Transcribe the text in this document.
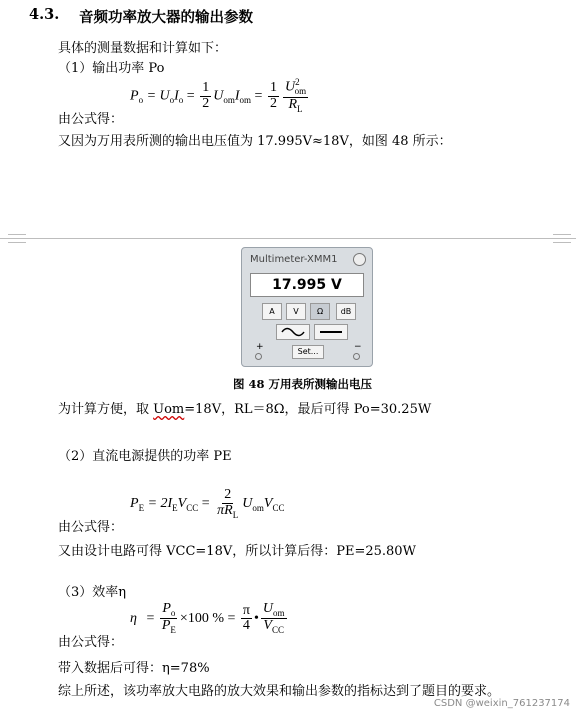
4.3. 音频功率放大器的输出参数
具体的测量数据和计算如下：
（1）输出功率 Po
$P_o = U_oI_o = \frac{1}{2} U_{om}I_{om} = \frac{1}{2} \frac{U^2_{om}}{R_L}$
由公式得：
又因为万用表所测的输出电压值为 17.995V≈18V，如图 48 所示：
Multimeter-XMM1
17.995 V
A	V	Ω	dB
+	−
Set...
图 48 万用表所测输出电压
为计算方便，取 Uom=18V，RL＝8Ω，最后可得 Po=30.25W
（2）直流电源提供的功率 PE
$P_E = 2I_EV_{CC} = \frac{2}{\pi R_L} U_{om}V_{CC}$
由公式得：
又由设计电路可得 VCC=18V，所以计算后得：PE=25.80W
（3）效率η
$\eta = \frac{P_o}{P_E} \times 100$ % = $\frac{\pi}{4}$ • $\frac{U_{om}}{V_{CC}}$
由公式得：
带入数据后可得：η=78%
综上所述，该功率放大电路的放大效果和输出参数的指标达到了题目的要求。
CSDN @weixin_761237174
